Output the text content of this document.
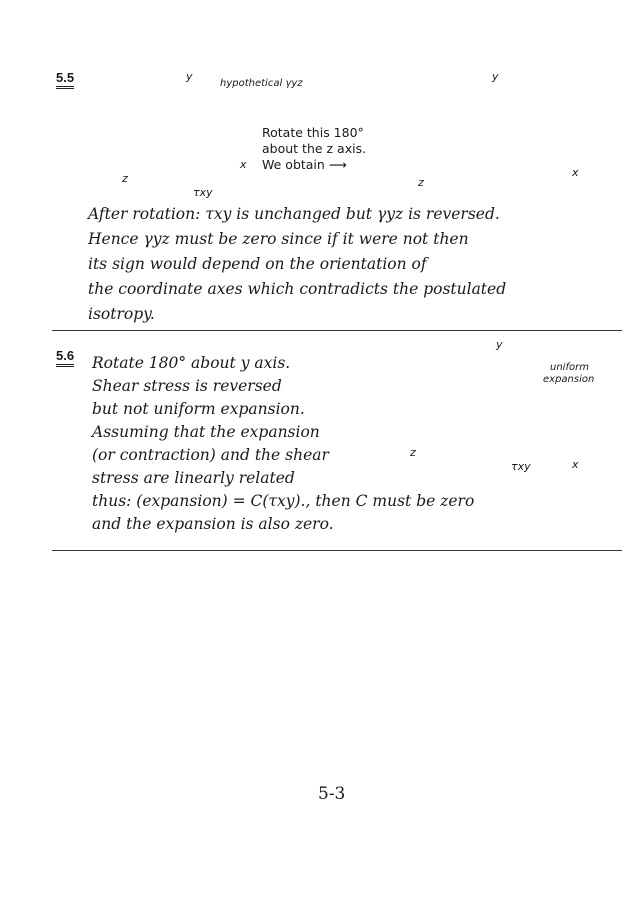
5.5	y
hypothetical γyz
x
z
τxy
Rotate this 180°
about the z axis.
We obtain ⟶
y
x
z
After rotation: τxy is unchanged but γyz is reversed.
Hence γyz must be zero since if it were not then
its sign would depend on the orientation of
the coordinate axes which contradicts the postulated
isotropy.
5.6 Rotate 180° about y axis.
Shear stress is reversed
but not uniform expansion.
Assuming that the expansion
(or contraction) and the shear
stress are linearly related
thus: (expansion) = C(τxy)., then C must be zero
and the expansion is also zero.
y
uniform
expansion
z
x
τxy
5-3
